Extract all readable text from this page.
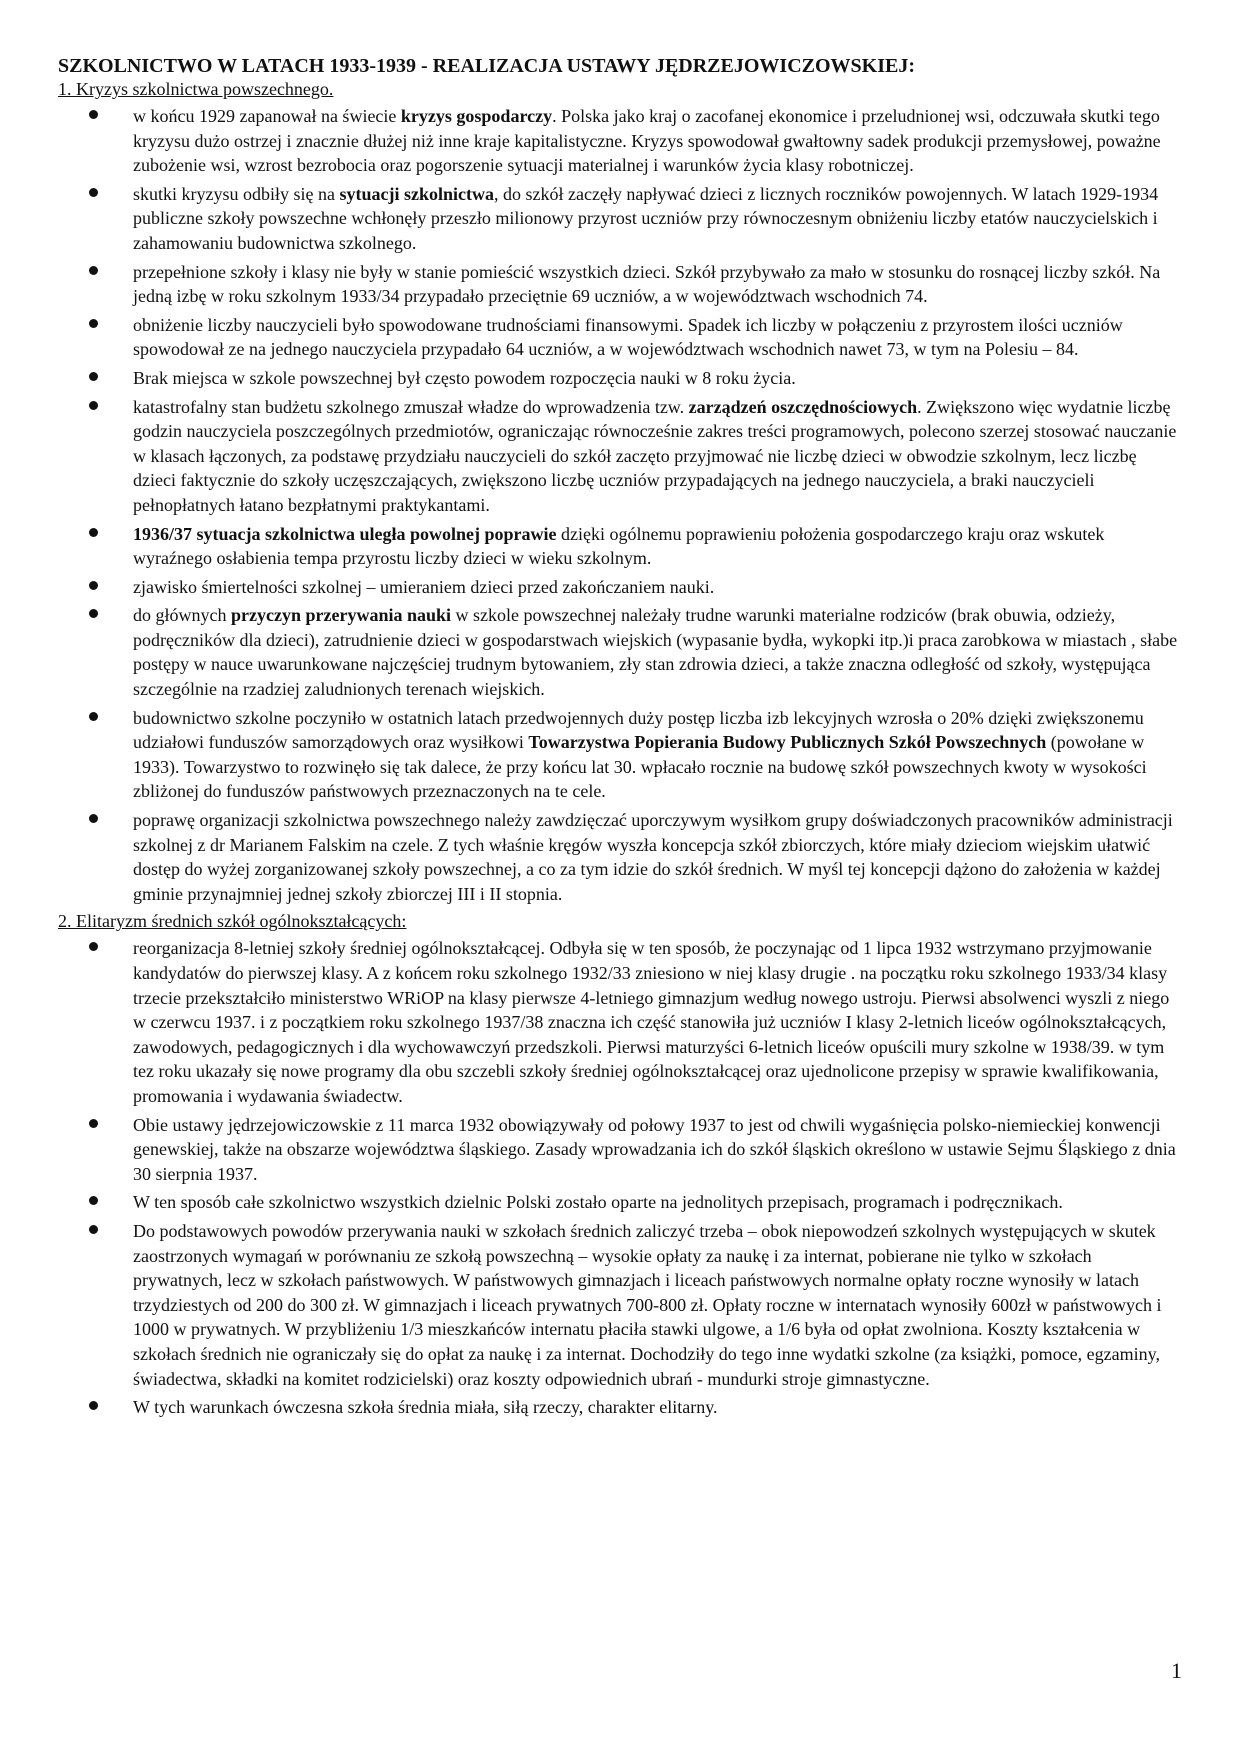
SZKOLNICTWO W LATACH 1933-1939 - REALIZACJA USTAWY JĘDRZEJOWICZOWSKIEJ:

1. Kryzys szkolnictwa powszechnego.

w końcu 1929 zapanował na świecie kryzys gospodarczy. Polska jako kraj o zacofanej ekonomice i przeludnionej wsi, odczuwała skutki tego kryzysu dużo ostrzej i znacznie dłużej niż inne kraje kapitalistyczne. Kryzys spowodował gwałtowny sadek produkcji przemysłowej, poważne zubożenie wsi, wzrost bezrobocia oraz pogorszenie sytuacji materialnej i warunków życia klasy robotniczej.
skutki kryzysu odbiły się na sytuacji szkolnictwa, do szkół zaczęły napływać dzieci z licznych roczników powojennych. W latach 1929-1934 publiczne szkoły powszechne wchłonęły przeszło milionowy przyrost uczniów przy równoczesnym obniżeniu liczby etatów nauczycielskich i zahamowaniu budownictwa szkolnego.
przepełnione szkoły i klasy nie były w stanie pomieścić wszystkich dzieci. Szkół przybywało za mało w stosunku do rosnącej liczby szkół. Na jedną izbę w roku szkolnym 1933/34 przypadało przeciętnie 69 uczniów, a w województwach wschodnich 74.
obniżenie liczby nauczycieli było spowodowane trudnościami finansowymi. Spadek ich liczby w połączeniu z przyrostem ilości uczniów spowodował ze na jednego nauczyciela przypadało 64 uczniów, a w województwach wschodnich nawet 73, w tym na Polesiu – 84.
Brak miejsca w szkole powszechnej był często powodem rozpoczęcia nauki w 8 roku życia.
katastrofalny stan budżetu szkolnego zmuszał władze do wprowadzenia tzw. zarządzeń oszczędnościowych. Zwiększono więc wydatnie liczbę godzin nauczyciela poszczególnych przedmiotów, ograniczając równocześnie zakres treści programowych, polecono szerzej stosować nauczanie w klasach łączonych, za podstawę przydziału nauczycieli do szkół zaczęto przyjmować nie liczbę dzieci w obwodzie szkolnym, lecz liczbę dzieci faktycznie do szkoły uczęszczających, zwiększono liczbę uczniów przypadających na jednego nauczyciela, a braki nauczycieli pełnopłatnych łatano bezpłatnymi praktykantami.
1936/37 sytuacja szkolnictwa uległa powolnej poprawie dzięki ogólnemu poprawieniu położenia gospodarczego kraju oraz wskutek wyraźnego osłabienia tempa przyrostu liczby dzieci w wieku szkolnym.
zjawisko śmiertelności szkolnej – umieraniem dzieci przed zakończaniem nauki.
do głównych przyczyn przerywania nauki w szkole powszechnej należały trudne warunki materialne rodziców (brak obuwia, odzieży, podręczników dla dzieci), zatrudnienie dzieci w gospodarstwach wiejskich (wypasanie bydła, wykopki itp.)i praca zarobkowa w miastach , słabe postępy w nauce uwarunkowane najczęściej trudnym bytowaniem, zły stan zdrowia dzieci, a także znaczna odległość od szkoły, występująca szczególnie na rzadziej zaludnionych terenach wiejskich.
budownictwo szkolne poczyniło w ostatnich latach przedwojennych duży postęp liczba izb lekcyjnych wzrosła o 20% dzięki zwiększonemu udziałowi funduszów samorządowych oraz wysiłkowi Towarzystwa Popierania Budowy Publicznych Szkół Powszechnych (powołane w 1933). Towarzystwo to rozwinęło się tak dalece, że przy końcu lat 30. wpłacało rocznie na budowę szkół powszechnych kwoty w wysokości zbliżonej do funduszów państwowych przeznaczonych na te cele.
poprawę organizacji szkolnictwa powszechnego należy zawdzięczać uporczywym wysiłkom grupy doświadczonych pracowników administracji szkolnej z dr Marianem Falskim na czele. Z tych właśnie kręgów wyszła koncepcja szkół zbiorczych, które miały dzieciom wiejskim ułatwić dostęp do wyżej zorganizowanej szkoły powszechnej, a co za tym idzie do szkół średnich. W myśl tej koncepcji dążono do założenia w każdej gminie przynajmniej jednej szkoły zbiorczej III i II stopnia.

2. Elitaryzm średnich szkół ogólnokształcących:

reorganizacja 8-letniej szkoły średniej ogólnokształcącej. Odbyła się w ten sposób, że poczynając od 1 lipca 1932 wstrzymano przyjmowanie kandydatów do pierwszej klasy. A z końcem roku szkolnego 1932/33 zniesiono w niej klasy drugie . na początku roku szkolnego 1933/34 klasy trzecie przekształciło ministerstwo WRiOP na klasy pierwsze 4-letniego gimnazjum według nowego ustroju. Pierwsi absolwenci wyszli z niego w czerwcu 1937. i z początkiem roku szkolnego 1937/38 znaczna ich część stanowiła już uczniów I klasy 2-letnich liceów ogólnokształcących, zawodowych, pedagogicznych i dla wychowawczyń przedszkoli. Pierwsi maturzyści 6-letnich liceów opuścili mury szkolne w 1938/39. w tym tez roku ukazały się nowe programy dla obu szczebli szkoły średniej ogólnokształcącej oraz ujednolicone przepisy w sprawie kwalifikowania, promowania i wydawania świadectw.
Obie ustawy jędrzejowiczowskie z 11 marca 1932 obowiązywały od połowy 1937 to jest od chwili wygaśnięcia polsko-niemieckiej konwencji genewskiej, także na obszarze województwa śląskiego. Zasady wprowadzania ich do szkół śląskich określono w ustawie Sejmu Śląskiego z dnia 30 sierpnia 1937.
W ten sposób całe szkolnictwo wszystkich dzielnic Polski zostało oparte na jednolitych przepisach, programach i podręcznikach.
Do podstawowych powodów przerywania nauki w szkołach średnich zaliczyć trzeba – obok niepowodzeń szkolnych występujących w skutek zaostrzonych wymagań w porównaniu ze szkołą powszechną – wysokie opłaty za naukę i za internat, pobierane nie tylko w szkołach prywatnych, lecz w szkołach państwowych. W państwowych gimnazjach i liceach państwowych normalne opłaty roczne wynosiły w latach trzydziestych od 200 do 300 zł. W gimnazjach i liceach prywatnych 700-800 zł. Opłaty roczne w internatach wynosiły 600zł w państwowych i 1000 w prywatnych. W przybliżeniu 1/3 mieszkańców internatu płaciła stawki ulgowe, a 1/6 była od opłat zwolniona. Koszty kształcenia w szkołach średnich nie ograniczały się do opłat za naukę i za internat. Dochodziły do tego inne wydatki szkolne (za książki, pomoce, egzaminy, świadectwa, składki na komitet rodzicielski) oraz koszty odpowiednich ubrań - mundurki stroje gimnastyczne.
W tych warunkach ówczesna szkoła średnia miała, siłą rzeczy, charakter elitarny.
1
